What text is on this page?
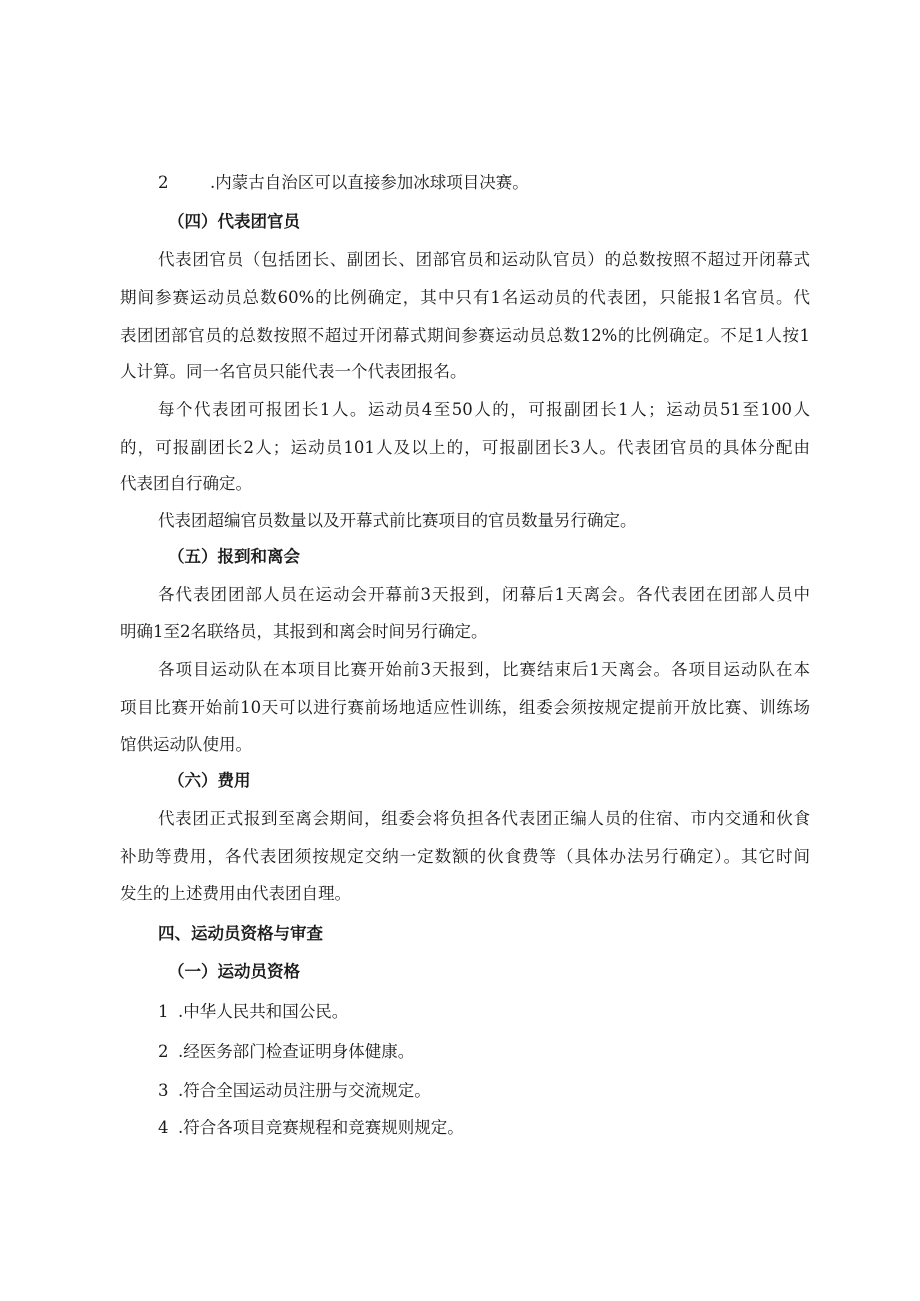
2	.内蒙古自治区可以直接参加冰球项目决赛。
（四）代表团官员
代表团官员（包括团长、副团长、团部官员和运动队官员）的总数按照不超过开闭幕式
期间参赛运动员总数60%的比例确定，其中只有1名运动员的代表团，只能报1名官员。代
表团团部官员的总数按照不超过开闭幕式期间参赛运动员总数12%的比例确定。不足1人按1
人计算。同一名官员只能代表一个代表团报名。
每个代表团可报团长1人。运动员4至50人的，可报副团长1人；运动员51至100人
的，可报副团长2人；运动员101人及以上的，可报副团长3人。代表团官员的具体分配由
代表团自行确定。
代表团超编官员数量以及开幕式前比赛项目的官员数量另行确定。
（五）报到和离会
各代表团团部人员在运动会开幕前3天报到，闭幕后1天离会。各代表团在团部人员中
明确1至2名联络员，其报到和离会时间另行确定。
各项目运动队在本项目比赛开始前3天报到，比赛结束后1天离会。各项目运动队在本
项目比赛开始前10天可以进行赛前场地适应性训练，组委会须按规定提前开放比赛、训练场
馆供运动队使用。
（六）费用
代表团正式报到至离会期间，组委会将负担各代表团正编人员的住宿、市内交通和伙食
补助等费用，各代表团须按规定交纳一定数额的伙食费等（具体办法另行确定）。其它时间
发生的上述费用由代表团自理。
四、运动员资格与审查
（一）运动员资格
1 .中华人民共和国公民。
2 .经医务部门检查证明身体健康。
3 .符合全国运动员注册与交流规定。
4 .符合各项目竞赛规程和竞赛规则规定。
